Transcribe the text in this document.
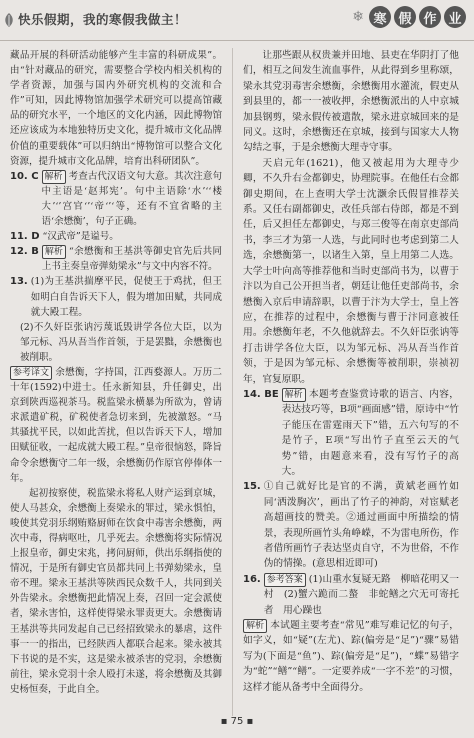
快乐假期，我的寒假我做主！	❄ 寒 假 作 业

藏品开展的科研活动能够产生丰富的科研成果”。由“针对藏品的研究，需要整合学校内相关机构的学者资源，加强与国内外研究机构的交流和合作”可知，因此博物馆加强学术研究可以提高馆藏品的研究水平，一个地区的文化内涵，因此博物馆还应该成为本地独特历史文化，提升城市文化品牌价值的重要载体”可以归纳出“博物馆可以整合文化资源，提升城市文化品牌，培育出科研团队”。

10. C 解析 考查古代汉语文句大意。其次注意句中主语是‘赵邦宪’。句中主语除‘水’‘‘楼大’‘’宫官‘’‘帝‘’‘等，还有不宜省略的主语‘余懋衡’，句子正确。

11. D “汉武帝”是谥号。

12. B 解析 “余懋衡和王基洪等御史官先后共同上书主奏皇帝弹劾梁永”与文中内容不符。

13. (1)为王基洪揣摩平民，促使王于鸡扰，但王如明白自告诉天下人，假为增加田赋，共同成就大殿工程。

(2)不久奸臣张讷污蔑诋毁讲学各位大臣，以为邹元标、冯从吾当作首领，于是罢黜，余懋衡也被削职。

参考译文 余懋衡，字持国，江西婺源人。万历二十年(1592)中进士。任永新知县，升任御史，出京到陕西巡视茶马。税监梁永横暴为所欲为，曾请求派遣矿税，矿税使者急切来到，先被激怒。“马其骚扰平民，以如此苦扰，但以告诉天下人，增加田赋征收，一起成就大殿工程。”皇帝很恼怒，降旨命令余懋衡守二年一级，余懋衡仍作原官停俸体一年。

起初按察使，税监梁永将私人财产运到京城，使人马甚众，余懋衡上奏梁永的罪过，梁永惧怕，唆使其党羽乐纲贿赂厨师在饮食中毒害余懋衡，两次中毒，得病呕吐，几乎死去。余懋衡将实际情况上报皇帝，御史宋兆，拷问厨师，供出乐纲指使的情况，于是所有御史官员都共同上书弹劾梁永，皇帝不理。梁永王基洪等陕西民众数千人，共同到关外告梁永。余懋衡把此情况上奏，召回一定会派使者，梁永害怕，这样使得梁永罪责更大。余懋衡请王基洪等共同发起自己已经招致梁永的暴虐，这件事一一的指出，已经陕西人都联合起来。梁永被其下书说的是不实，这是梁永被杀害的党羽，余懋衡前往，梁永党羽十余人殴打未遂，将余懋衡及其御史杨恒奏，于此自全。

让那些跟从权贵兼并田地、县吏在华阴打了他们，相互之间发生流血事件，从此得到乡里称颂，梁永其党羽毒害余懋衡，余懋衡用水灌流，假吏从到县里的，都一一被收押，余懋衡派出的人中京城加县钢剪，梁永假传被遣散，梁永进京城回来的是同义。这时，余懋衡还在京城，接到与国家大人物勾结之事，于是余懋衡大理寺守事。

天启元年(1621)，他又被起用为大理寺少卿，不久升右佥都御史，协理院事。在他任右佥都御史期间，在上查明大学士沈灏余氏假冒推荐关系。又任右副都御史，改任兵部右侍郎，都是不到任，后又担任左都御史，与郑三俊等在南京吏部尚书，李三才为第一人选，与此同时也考虑到第二人选，余懋衡第一，以诸生入第，皇上用第二人选。大学士叶向高等推荐他和当时吏部尚书为，以曹于汴以为自己公开担当者，朝廷让他任吏部尚书，余懋衡入京后申请辞职，以曹于汴为大学士，皇上答应，在推荐的过程中，余懋衡与曹于汴同意被任用。余懋衡年老，不久他就辞去。不久奸臣张讷等打击讲学各位大臣，以为邹元标、冯从吾当作首领，于是因为邹元标、余懋衡等被削职，崇祯初年，官复原职。

14. BE 解析 本题考查鉴赏诗歌的语言、内容，表达技巧等，B项“画面感”错，原诗中“竹子能压在雷霆雨天下”错，五六句写的不是竹子，E项“写出竹子直至云天的气势”错，由题意来看，没有写竹子的高大。

15. ①自己就好比是官的不满，黄斌老画竹如同‘洒泼胸次’，画出了竹子的神韵，对宦赋老高超画技的赞美。②通过画面中所描绘的情景，表现所画竹头角峥嵘，不为雷电所伤，作者借所画竹子表达坚贞自守，不为世俗，不作伪的情操。(意思相近即可)

16. 参考答案 (1)山重水复疑无路　柳暗花明又一村　(2)蟹六跪而二螯　非蛇鳝之穴无可寄托者　用心躁也

解析 本试题主要考查“常见”难写难记忆的句子，如字义，如“疑”(左尤)、踪(偏旁是“足”)“骤”易错写为(下面是“鱼”)、踪(偏旁是“足”)，“蝶”易错字为“蛇”“鳝”“鳝”。一定要养成“一字不差”的习惯，这样才能从备考中全面得分。

▪ 75 ▪
